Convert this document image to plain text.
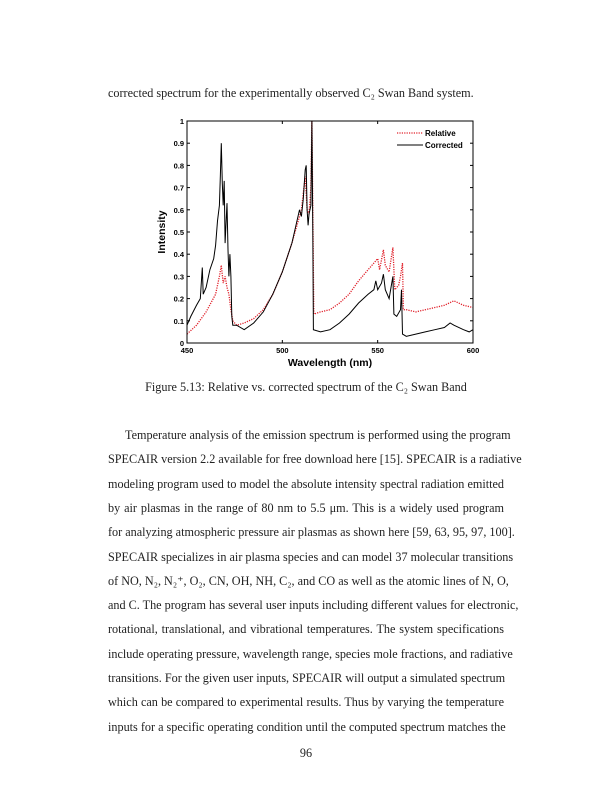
corrected spectrum for the experimentally observed C₂ Swan Band system.
450	500	550	600
0
0.1
0.2
0.3
0.4
0.5
0.6
0.7
0.8
0.9
1
Wavelength (nm)
Intensity
Relative
Corrected
Figure 5.13: Relative vs. corrected spectrum of the C₂ Swan Band
Temperature analysis of the emission spectrum is performed using the program
SPECAIR version 2.2 available for free download here [15]. SPECAIR is a radiative
modeling program used to model the absolute intensity spectral radiation emitted
by air plasmas in the range of 80 nm to 5.5 μm. This is a widely used program
for analyzing atmospheric pressure air plasmas as shown here [59, 63, 95, 97, 100].
SPECAIR specializes in air plasma species and can model 37 molecular transitions
of NO, N₂, N₂⁺, O₂, CN, OH, NH, C₂, and CO as well as the atomic lines of N, O,
and C. The program has several user inputs including different values for electronic,
rotational, translational, and vibrational temperatures. The system specifications
include operating pressure, wavelength range, species mole fractions, and radiative
transitions. For the given user inputs, SPECAIR will output a simulated spectrum
which can be compared to experimental results. Thus by varying the temperature
inputs for a specific operating condition until the computed spectrum matches the
96
